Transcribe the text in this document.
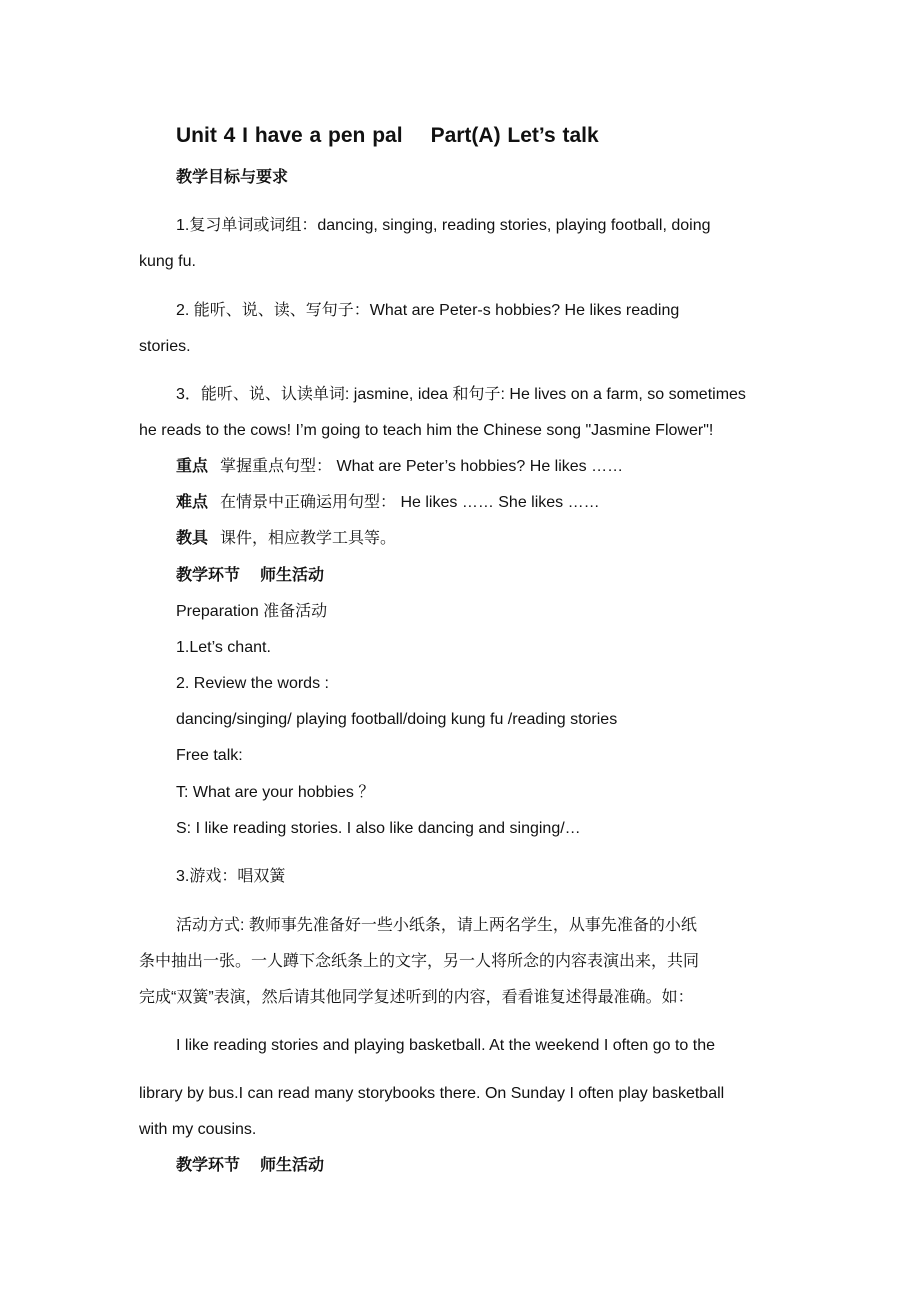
Unit 4 I have a pen pal Part(A) Let’s talk
教学目标与要求
1.复习单词或词组：dancing, singing, reading stories, playing football, doing
kung fu.
2. 能听、说、读、写句子：What are Peter-s hobbies? He likes reading
stories.
3．能听、说、认读单词: jasmine, idea 和句子: He lives on a farm, so sometimes
he reads to the cows! I’m going to teach him the Chinese song "Jasmine Flower"!
重点 掌握重点句型： What are Peter’s hobbies? He likes ……
难点 在情景中正确运用句型： He likes …… She likes ……
教具 课件，相应教学工具等。
教学环节 师生活动
Preparation 准备活动
1.Let’s chant.
2. Review the words :
dancing/singing/ playing football/doing kung fu /reading stories
Free talk:
T: What are your hobbies ？
S: I like reading stories. I also like dancing and singing/…
3.游戏：唱双簧
活动方式: 教师事先准备好一些小纸条，请上两名学生，从事先准备的小纸
条中抽出一张。一人蹲下念纸条上的文字，另一人将所念的内容表演出来，共同
完成“双簧”表演，然后请其他同学复述听到的内容，看看谁复述得最准确。如：
I like reading stories and playing basketball. At the weekend I often go to the
library by bus.I can read many storybooks there. On Sunday I often play basketball
with my cousins.
教学环节 师生活动
